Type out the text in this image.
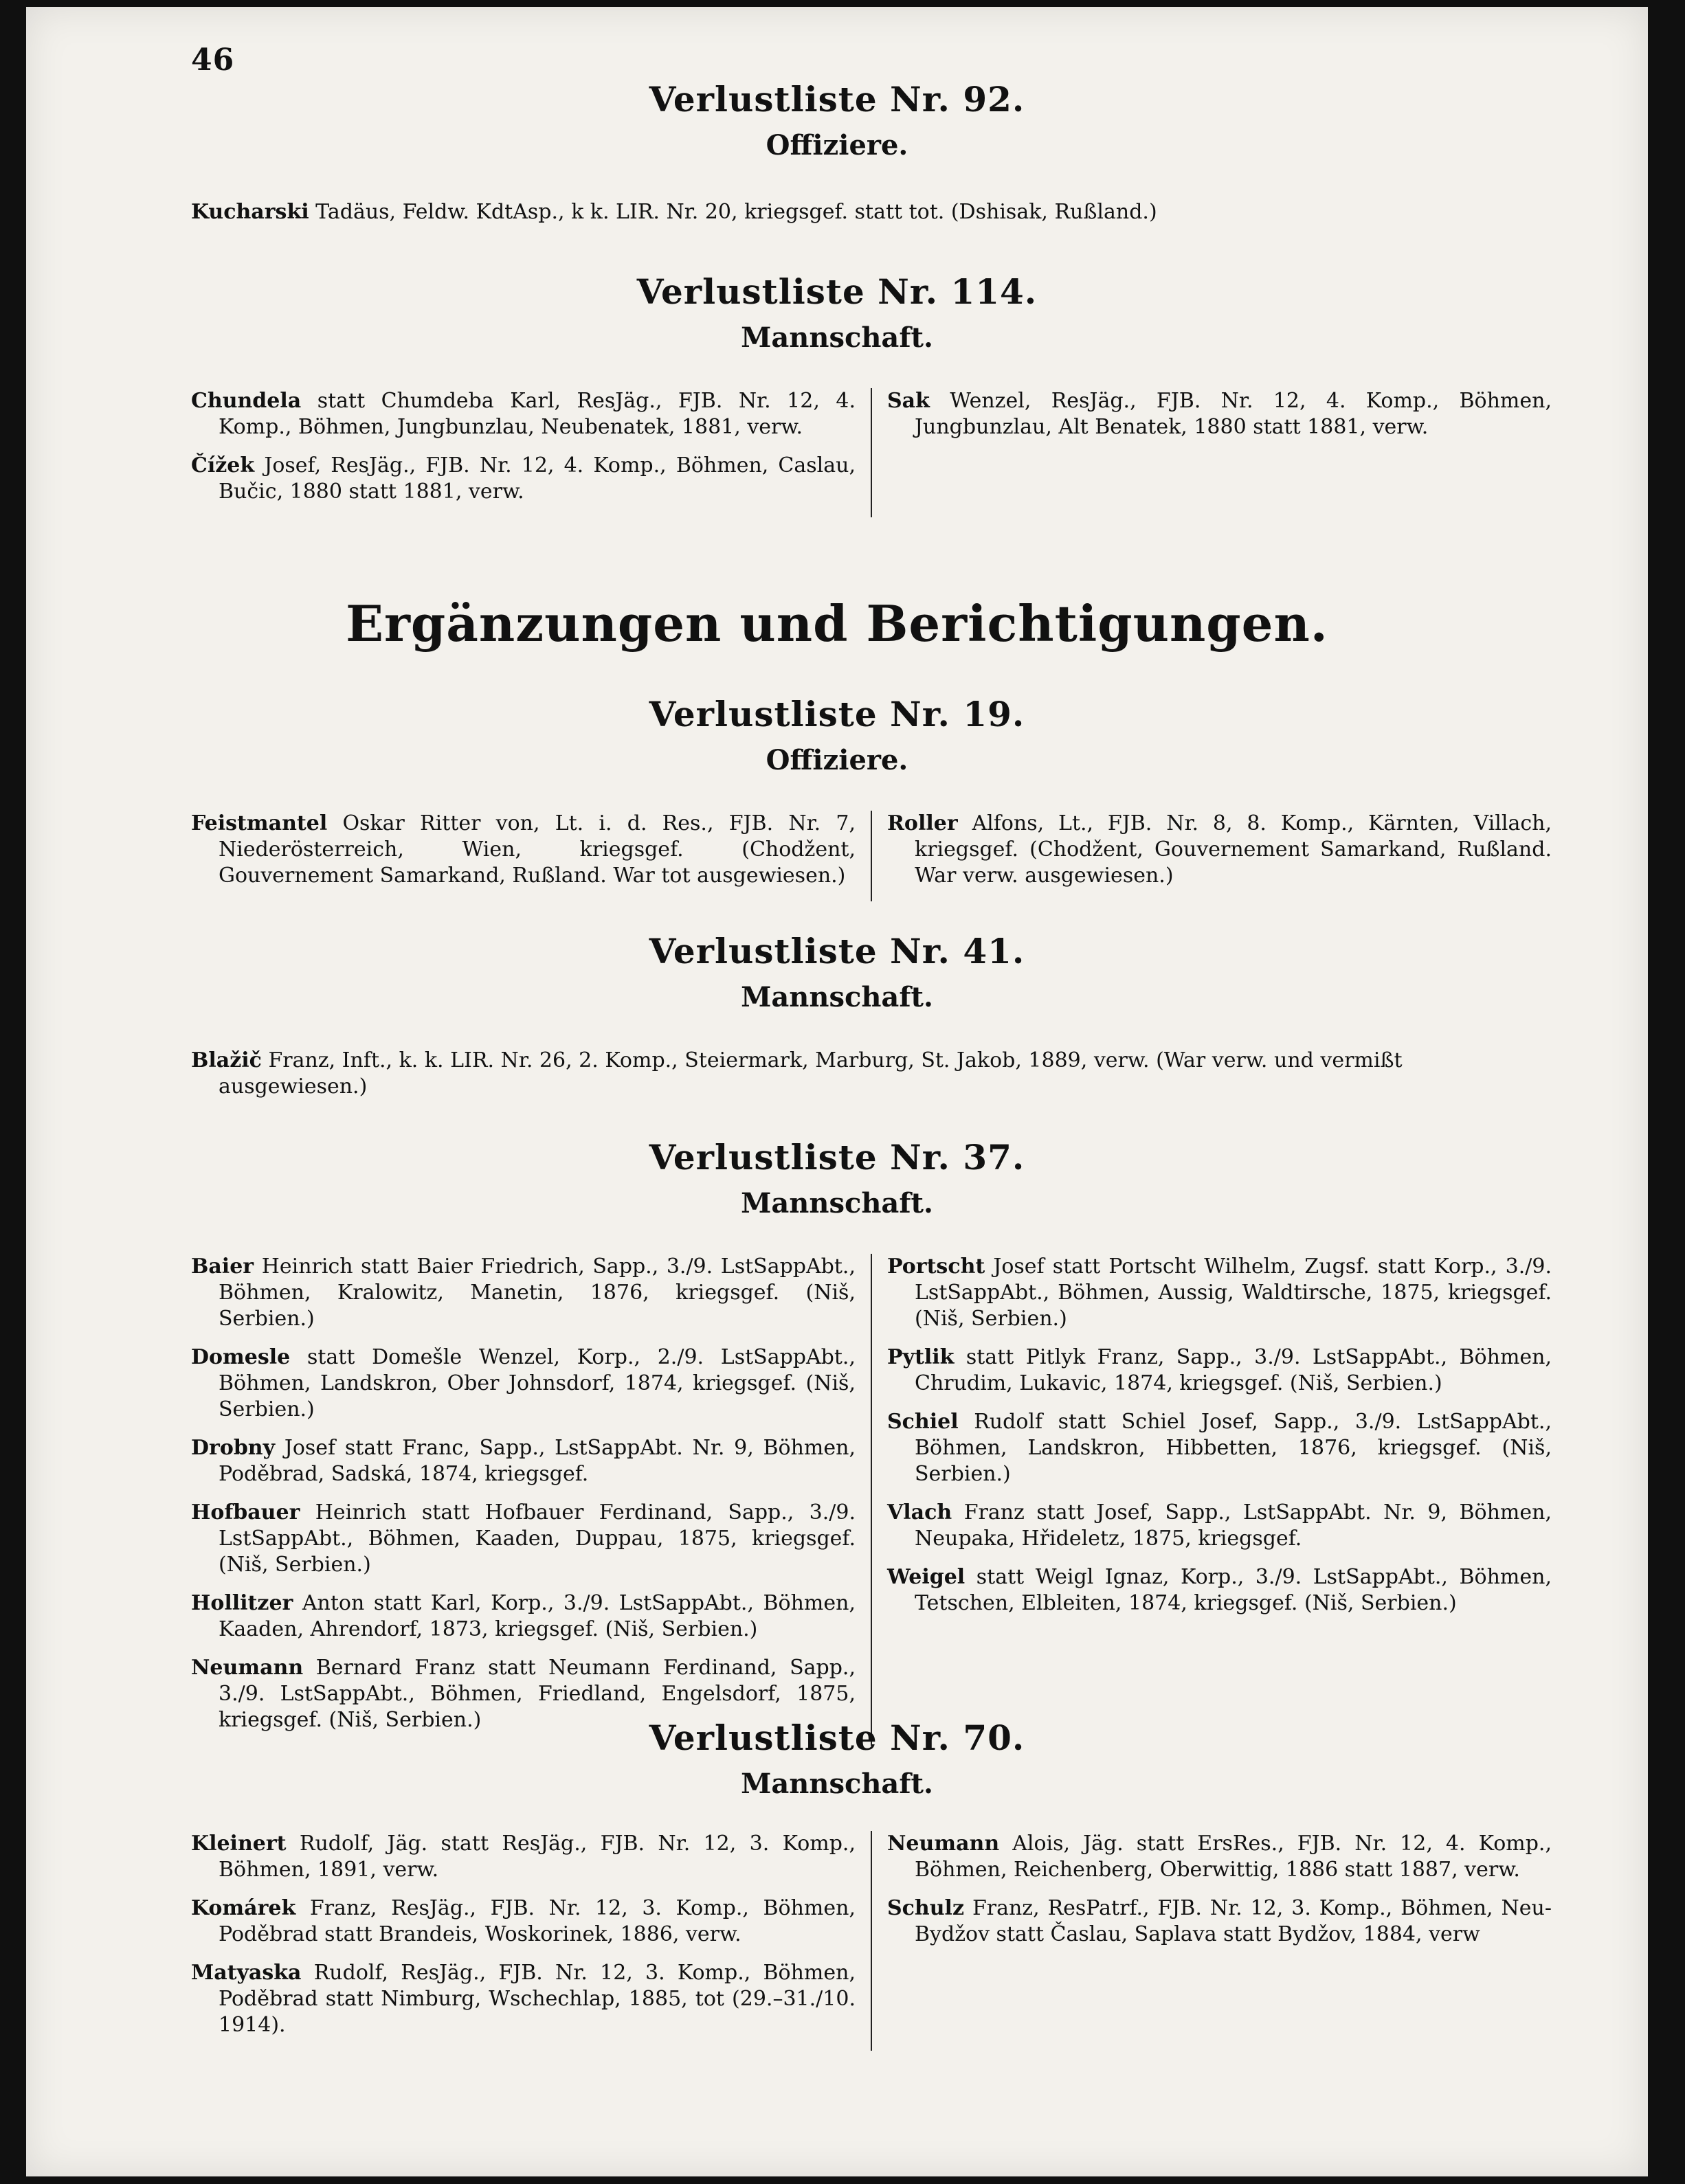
46
Verlustliste Nr. 92.
Offiziere.
Kucharski Tadäus, Feldw. KdtAsp., k k. LIR. Nr. 20, kriegsgef. statt tot. (Dshisak, Rußland.)
Verlustliste Nr. 114.
Mannschaft.
Chundela statt Chumdeba Karl, ResJäg., FJB. Nr. 12, 4. Komp., Böhmen, Jungbunzlau, Neubenatek, 1881, verw.
Čížek Josef, ResJäg., FJB. Nr. 12, 4. Komp., Böhmen, Caslau, Bučic, 1880 statt 1881, verw.
Sak Wenzel, ResJäg., FJB. Nr. 12, 4. Komp., Böhmen, Jungbunzlau, Alt Benatek, 1880 statt 1881, verw.
Ergänzungen und Berichtigungen.
Verlustliste Nr. 19.
Offiziere.
Feistmantel Oskar Ritter von, Lt. i. d. Res., FJB. Nr. 7, Niederösterreich, Wien, kriegsgef. (Chodžent, Gouvernement Samarkand, Rußland. War tot ausgewiesen.)
Roller Alfons, Lt., FJB. Nr. 8, 8. Komp., Kärnten, Villach, kriegsgef. (Chodžent, Gouvernement Samarkand, Rußland. War verw. ausgewiesen.)
Verlustliste Nr. 41.
Mannschaft.
Blažič Franz, Inft., k. k. LIR. Nr. 26, 2. Komp., Steiermark, Marburg, St. Jakob, 1889, verw. (War verw. und vermißt ausgewiesen.)
Verlustliste Nr. 37.
Mannschaft.
Baier Heinrich statt Baier Friedrich, Sapp., 3./9. LstSappAbt., Böhmen, Kralowitz, Manetin, 1876, kriegsgef. (Niš, Serbien.)
Domesle statt Domešle Wenzel, Korp., 2./9. LstSappAbt., Böhmen, Landskron, Ober Johnsdorf, 1874, kriegsgef. (Niš, Serbien.)
Drobny Josef statt Franc, Sapp., LstSappAbt. Nr. 9, Böhmen, Poděbrad, Sadská, 1874, kriegsgef.
Hofbauer Heinrich statt Hofbauer Ferdinand, Sapp., 3./9. LstSappAbt., Böhmen, Kaaden, Duppau, 1875, kriegsgef. (Niš, Serbien.)
Hollitzer Anton statt Karl, Korp., 3./9. LstSappAbt., Böhmen, Kaaden, Ahrendorf, 1873, kriegsgef. (Niš, Serbien.)
Neumann Bernard Franz statt Neumann Ferdinand, Sapp., 3./9. LstSappAbt., Böhmen, Friedland, Engelsdorf, 1875, kriegsgef. (Niš, Serbien.)
Portscht Josef statt Portscht Wilhelm, Zugsf. statt Korp., 3./9. LstSappAbt., Böhmen, Aussig, Waldtirsche, 1875, kriegsgef. (Niš, Serbien.)
Pytlik statt Pitlyk Franz, Sapp., 3./9. LstSappAbt., Böhmen, Chrudim, Lukavic, 1874, kriegsgef. (Niš, Serbien.)
Schiel Rudolf statt Schiel Josef, Sapp., 3./9. LstSappAbt., Böhmen, Landskron, Hibbetten, 1876, kriegsgef. (Niš, Serbien.)
Vlach Franz statt Josef, Sapp., LstSappAbt. Nr. 9, Böhmen, Neupaka, Hřideletz, 1875, kriegsgef.
Weigel statt Weigl Ignaz, Korp., 3./9. LstSappAbt., Böhmen, Tetschen, Elbleiten, 1874, kriegsgef. (Niš, Serbien.)
Verlustliste Nr. 70.
Mannschaft.
Kleinert Rudolf, Jäg. statt ResJäg., FJB. Nr. 12, 3. Komp., Böhmen, 1891, verw.
Komárek Franz, ResJäg., FJB. Nr. 12, 3. Komp., Böhmen, Poděbrad statt Brandeis, Woskorinek, 1886, verw.
Matyaska Rudolf, ResJäg., FJB. Nr. 12, 3. Komp., Böhmen, Poděbrad statt Nimburg, Wschechlap, 1885, tot (29.–31./10. 1914).
Neumann Alois, Jäg. statt ErsRes., FJB. Nr. 12, 4. Komp., Böhmen, Reichenberg, Oberwittig, 1886 statt 1887, verw.
Schulz Franz, ResPatrf., FJB. Nr. 12, 3. Komp., Böhmen, Neu-Bydžov statt Časlau, Saplava statt Bydžov, 1884, verw
